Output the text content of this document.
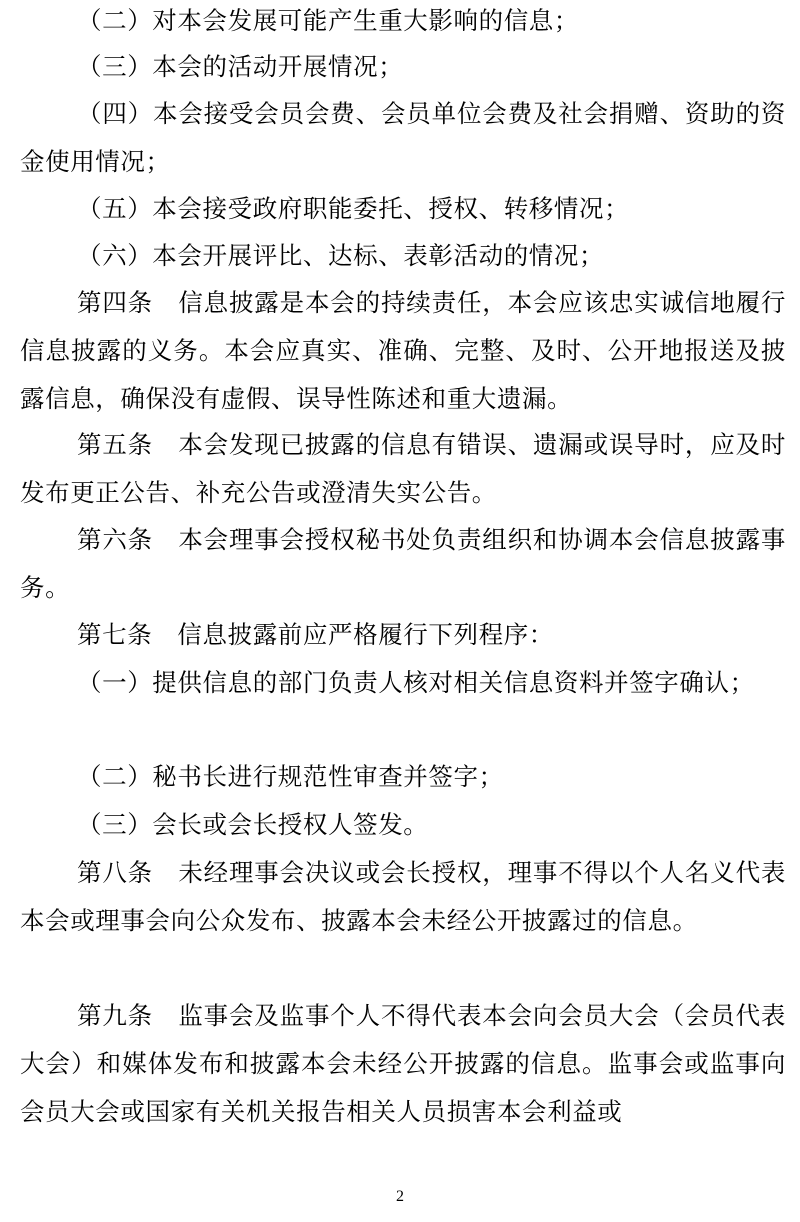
（二）对本会发展可能产生重大影响的信息；

（三）本会的活动开展情况；

（四）本会接受会员会费、会员单位会费及社会捐赠、资助的资金使用情况；

（五）本会接受政府职能委托、授权、转移情况；

（六）本会开展评比、达标、表彰活动的情况；

第四条　信息披露是本会的持续责任，本会应该忠实诚信地履行信息披露的义务。本会应真实、准确、完整、及时、公开地报送及披露信息，确保没有虚假、误导性陈述和重大遗漏。

第五条　本会发现已披露的信息有错误、遗漏或误导时，应及时发布更正公告、补充公告或澄清失实公告。

第六条　本会理事会授权秘书处负责组织和协调本会信息披露事务。

第七条　信息披露前应严格履行下列程序：

（一）提供信息的部门负责人核对相关信息资料并签字确认；

（二）秘书长进行规范性审查并签字；

（三）会长或会长授权人签发。

第八条　未经理事会决议或会长授权，理事不得以个人名义代表本会或理事会向公众发布、披露本会未经公开披露过的信息。

第九条　监事会及监事个人不得代表本会向会员大会（会员代表大会）和媒体发布和披露本会未经公开披露的信息。监事会或监事向会员大会或国家有关机关报告相关人员损害本会利益或

2
